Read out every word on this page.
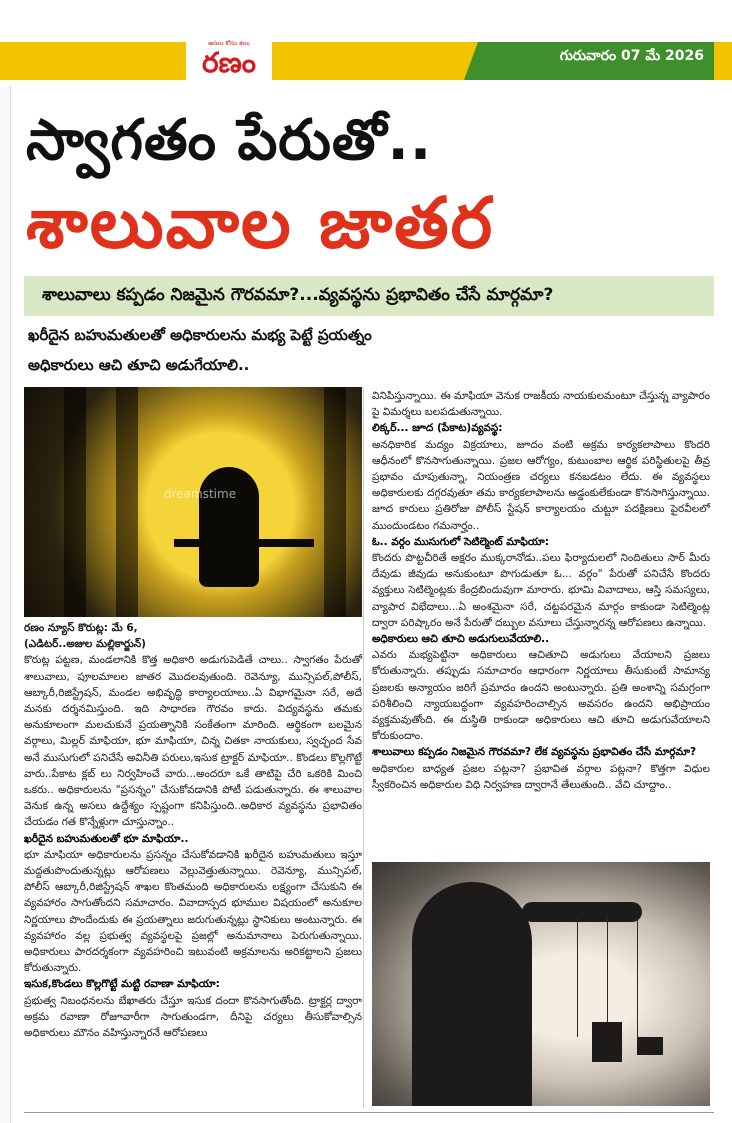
గురువారం 07 మే 2026
అసలు కోసం కలం
రణం
స్వాగతం పేరుతో..
శాలువాల జాతర
శాలువాలు కప్పడం నిజమైన గౌరవమా?...వ్యవస్థను ప్రభావితం చేసే మార్గమా?
ఖరీదైన బహుమతులతో అధికారులను మభ్య పెట్టే ప్రయత్నం
అధికారులు ఆచి తూచి అడుగేయాలి..
dreamstime

రణం న్యూస్ కొరుట్ల: మే 6,

(ఎడిటర్..అజుల మల్లికార్జున్)

కొరుట్ల పట్టణ, మండలానికి కొత్త అధికారి అడుగుపెడితే చాలు.. స్వాగతం పేరుతో శాలువాలు, పూలమాలల జాతర మొదలవుతుంది. రెవెన్యూ, మున్సిపల్,పోలీస్, ఆబ్కారీ,రిజిస్ట్రేషన్, మండల అభివృద్ధి కార్యాలయాలు..ఏ విభాగమైనా సరే, అదే మనకు దర్శనమిస్తుంది. ఇది సాధారణ గౌరవం కాదు. విద్యవస్థను తమకు అనుకూలంగా మలచుకునే ప్రయత్నానికి సంకేతంగా మారింది. ఆర్థికంగా బలమైన వర్గాలు, మిల్లర్ మాఫియా, భూ మాఫియా, చిన్న చితకా నాయకులు, స్వచ్ఛంద సేవ అనే ముసుగులో పనిచేసే అవినీతి పరులు,ఇసుక ట్రాక్టర్ మాఫియా.. కొండలు కొల్లగొట్టే వారు..పేకాట క్లబ్ లు నిర్వహించే వారు...అందరూ ఒకే తాటిపై చేరి ఒకరికి మించి ఒకరు.. అధికారులను "ప్రసన్నం" చేసుకోవడానికి పోటీ పడుతున్నారు. ఈ శాలువాల వెనుక ఉన్న అసలు ఉద్దేశ్యం స్పష్టంగా కనిపిస్తుంది..అధికార వ్యవస్థను ప్రభావితం చేయడం గత కొన్నేళ్లుగా చూస్తున్నాం..

ఖరీదైన బహుమతులతో భూ మాఫియా..

భూ మాఫియా అధికారులను ప్రసన్నం చేసుకోవడానికి ఖరీదైన బహుమతులు ఇస్తూ మద్దతుపొందుతున్నట్లు ఆరోపణలు వెల్లువెత్తుతున్నాయి. రెవెన్యూ, మున్సిపల్, పోలీస్ ఆబ్కారీ,రిజిస్ట్రేషన్ శాఖల కొంతమంది అధికారులను లక్ష్యంగా చేసుకుని ఈ వ్యవహారం సాగుతోందని సమాచారం. వివాదాస్పద భూముల విషయంలో అనుకూల నిర్ణయాలు పొందేందుకు ఈ ప్రయత్నాలు జరుగుతున్నట్లు స్థానికులు అంటున్నారు. ఈ వ్యవహారం వల్ల ప్రభుత్వ వ్యవస్థలపై ప్రజల్లో అనుమానాలు పెరుగుతున్నాయి. అధికారులు పారదర్శకంగా వ్యవహరించి ఇటువంటి అక్రమాలను అరికట్టాలని ప్రజలు కోరుతున్నారు.

ఇసుక,కొండలు కొల్లగొట్టే మట్టి రవాణా మాఫియా:

ప్రభుత్వ నిబంధనలను బేఖాతరు చేస్తూ ఇసుక దందా కొనసాగుతోంది. ట్రాక్టర్ల ద్వారా అక్రమ రవాణా రోజూవారీగా సాగుతుండగా, దీనిపై చర్యలు తీసుకోవాల్సిన అధికారులు మౌనం వహిస్తున్నారనే ఆరోపణలు

వినిపిస్తున్నాయి. ఈ మాఫియా వెనుక రాజకీయ నాయకులమంటూ చేస్తున్న వ్యాపారం పై విమర్శలు బలపడుతున్నాయి.

లిక్కర్... జూద (పేకాట)వ్యవస్థ:

అనధికారిక మద్యం విక్రయాలు, జూదం వంటి అక్రమ కార్యకలాపాలు కొందరి ఆధీనంలో కొనసాగుతున్నాయి. ప్రజల ఆరోగ్యం, కుటుంబాల ఆర్థిక పరిస్థితులపై తీవ్ర ప్రభావం చూపుతున్నా, నియంత్రణ చర్యలు కనబడటం లేదు. ఈ వ్యవస్థలు అధికారులకు దగ్గరవుతూ తమ కార్యకలాపాలను అడ్డంకులేకుండా కొనసాగిస్తున్నాయి. జూద కారులు ప్రతిరోజు పోలీస్ స్టేషన్ కార్యాలయం చుట్టూ పదక్షిణలు పైరవీలలో ముందుండటం గమనార్హం..

ఓ.. వర్గం ముసుగులో సెటిల్మెంట్ మాఫియా:

కొందరు పొట్టచీరితే అక్షరం ముక్కరానోడు..పలు ఫిర్యాదులలో నిందితులు సార్ మీరు దేవుడు జీవుడు అనుకుంటూ పొగుడుతూ ఓ... వర్గం" పేరుతో పనిచేసే కొందరు వ్యక్తులు సెటిల్మెంట్లకు కేంద్రబిందువుగా మారారు. భూమి వివాదాలు, ఆస్తి సమస్యలు, వ్యాపార విభేదాలు...ఏ అంశమైనా సరే, చట్టపరమైన మార్గం కాకుండా సెటిల్మెంట్ల ద్వారా పరిష్కారం అనే పేరుతో దబ్బుల వసూలు చేస్తున్నారన్న ఆరోపణలు ఉన్నాయి.

అధికారులు ఆచి తూచి అడుగులువేయాలి..

ఎవరు మభ్యపెట్టినా అధికారులు ఆచితూచి అడుగులు వేయాలని ప్రజలు కోరుతున్నారు. తప్పుడు సమాచారం ఆధారంగా నిర్ణయాలు తీసుకుంటే సామాన్య ప్రజలకు అన్యాయం జరిగే ప్రమాదం ఉందని అంటున్నారు. ప్రతి అంశాన్ని సమగ్రంగా పరిశీలించి న్యాయబద్ధంగా వ్యవహరించాల్సిన అవసరం ఉందని అభిప్రాయం వ్యక్తమవుతోంది. ఈ దుస్థితి రాకుండా అధికారులు ఆచి తూచి అడుగువేయాలని కోరుకుందాం.

శాలువాలు కప్పడం నిజమైన గౌరవమా? లేక వ్యవస్థను ప్రభావితం చేసే మార్గమా?

అధికారుల బాధ్యత ప్రజల పట్లనా? ప్రభావిత వర్గాల పట్లనా? కొత్తగా విధుల స్వీకరించిన అధికారుల విధి నిర్వహణ ద్వారానే తేలుతుంది.. వేచి చూద్దాం..
